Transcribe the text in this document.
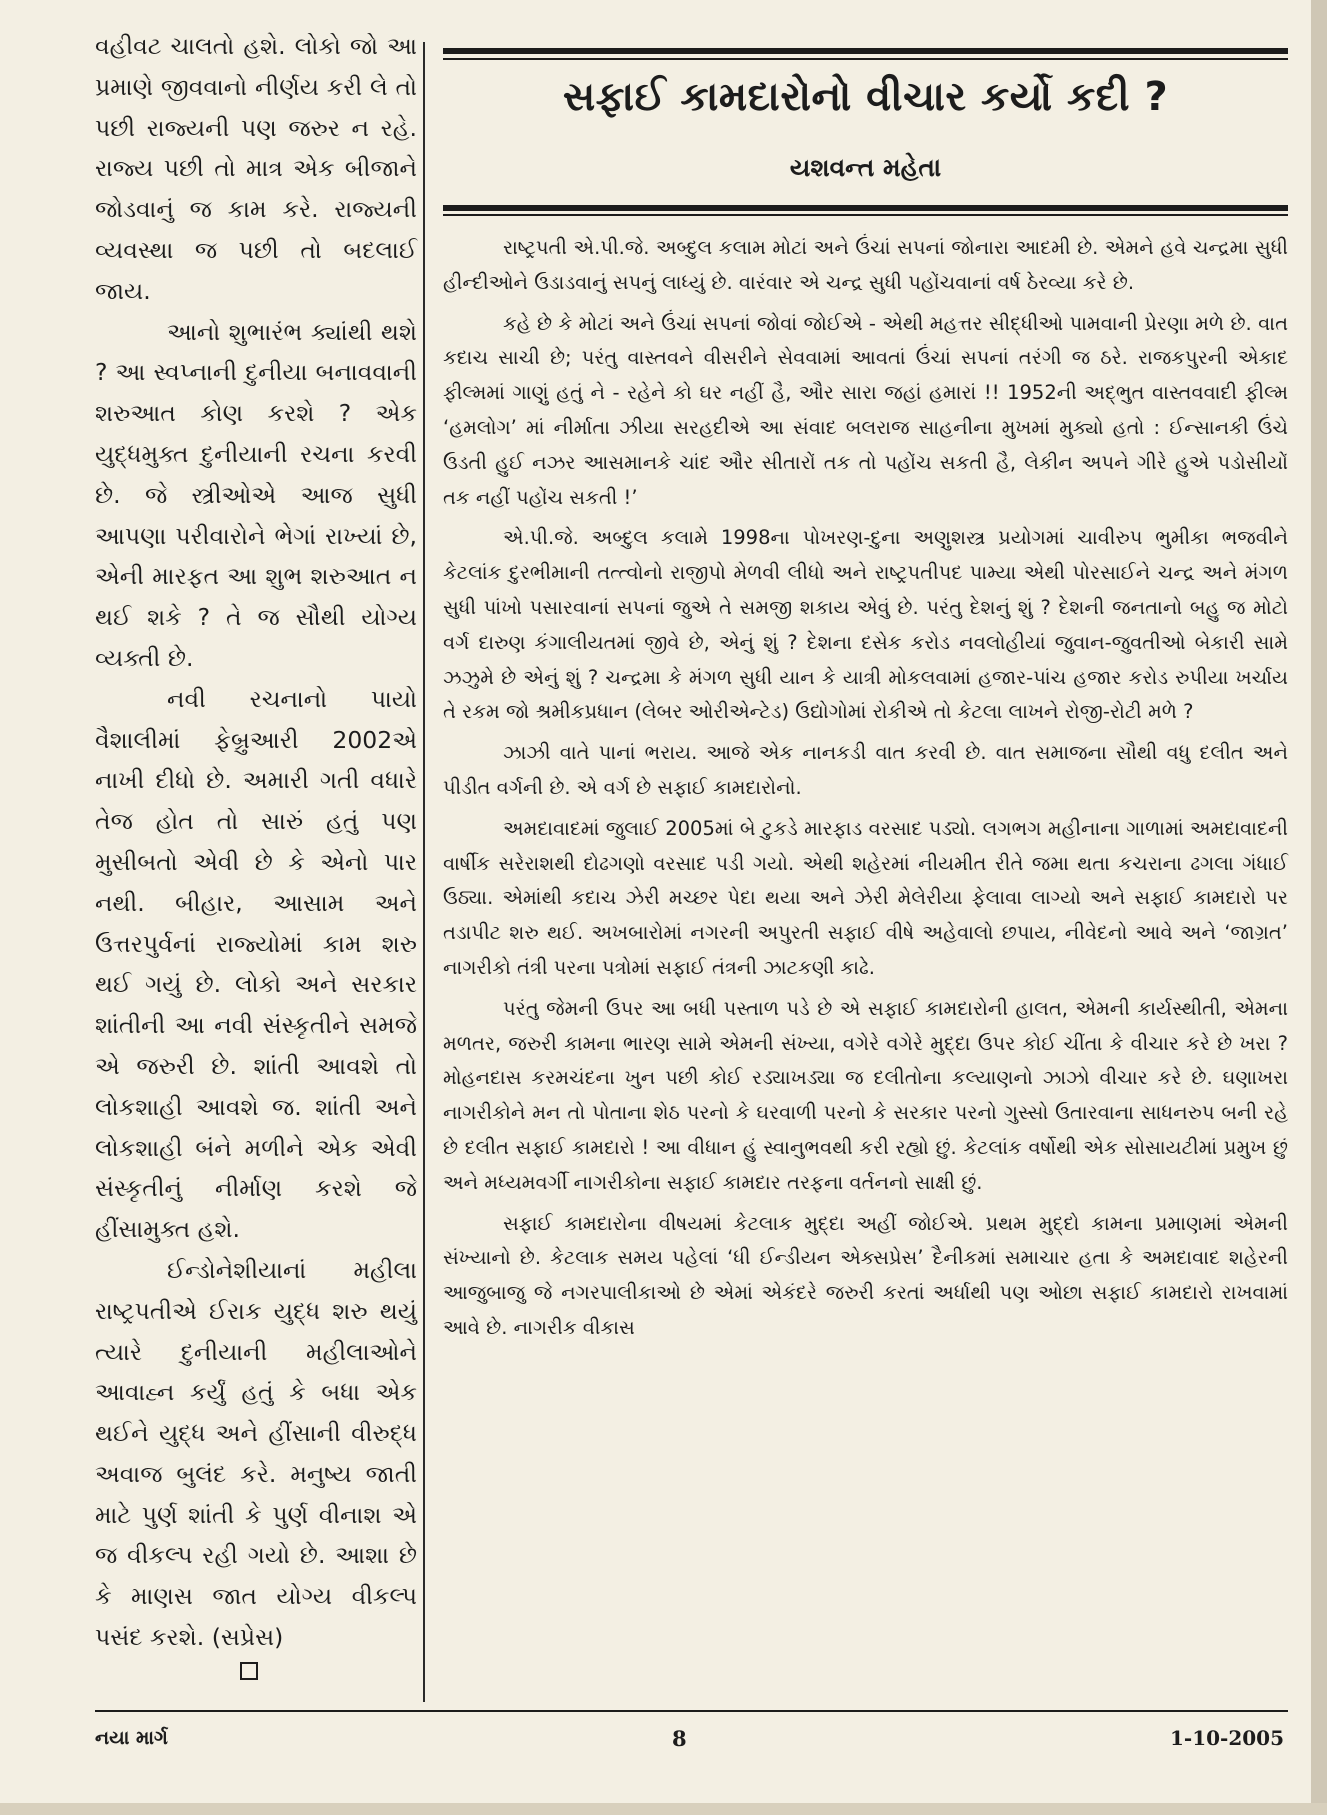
વહીવટ ચાલતો હશે. લોકો જો આ પ્રમાણે જીવવાનો નીર્ણય કરી લે તો પછી રાજ્યની પણ જરુર ન રહે. રાજ્ય પછી તો માત્ર એક બીજાને જોડવાનું જ કામ કરે. રાજ્યની વ્યવસ્થા જ પછી તો બદલાઈ જાય.

આનો શુભારંભ ક્યાંથી થશે ? આ સ્વપ્નાની દુનીયા બનાવવાની શરુઆત કોણ કરશે ? એક યુદ્ધમુક્ત દુનીયાની રચના કરવી છે. જે સ્ત્રીઓએ આજ સુધી આપણા પરીવારોને ભેગાં રાખ્યાં છે, એની મારફત આ શુભ શરુઆત ન થઈ શકે ? તે જ સૌથી યોગ્ય વ્યક્તી છે.

નવી રચનાનો પાયો વૈશાલીમાં ફેબ્રુઆરી 2002એ નાખી દીધો છે. અમારી ગતી વધારે તેજ હોત તો સારું હતું પણ મુસીબતો એવી છે કે એનો પાર નથી. બીહાર, આસામ અને ઉત્તરપુર્વનાં રાજ્યોમાં કામ શરુ થઈ ગયું છે. લોકો અને સરકાર શાંતીની આ નવી સંસ્કૃતીને સમજે એ જરુરી છે. શાંતી આવશે તો લોકશાહી આવશે જ. શાંતી અને લોકશાહી બંને મળીને એક એવી સંસ્કૃતીનું નીર્માણ કરશે જે હીંસામુક્ત હશે.

ઈન્ડોનેશીયાનાં મહીલા રાષ્ટ્રપતીએ ઈરાક યુદ્ધ શરુ થયું ત્યારે દુનીયાની મહીલાઓને આવાહ્ન કર્યું હતું કે બધા એક થઈને યુદ્ધ અને હીંસાની વીરુદ્ધ અવાજ બુલંદ કરે. મનુષ્ય જાતી માટે પુર્ણ શાંતી કે પુર્ણ વીનાશ એ જ વીકલ્પ રહી ગયો છે. આશા છે કે માણસ જાત યોગ્ય વીકલ્પ પસંદ કરશે. (સપ્રેસ)

સફાઈ કામદારોનો વીચાર કર્યો કદી ?
યશવન્ત મહેતા

રાષ્ટ્રપતી એ.પી.જે. અબ્દુલ કલામ મોટાં અને ઉંચાં સપનાં જોનારા આદમી છે. એમને હવે ચન્દ્રમા સુધી હીન્દીઓને ઉડાડવાનું સપનું લાધ્યું છે. વારંવાર એ ચન્દ્ર સુધી પહોંચવાનાં વર્ષ ઠેરવ્યા કરે છે.

કહે છે કે મોટાં અને ઉંચાં સપનાં જોવાં જોઈએ - એથી મહત્તર સીદ્ધીઓ પામવાની પ્રેરણા મળે છે. વાત કદાચ સાચી છે; પરંતુ વાસ્તવને વીસરીને સેવવામાં આવતાં ઉંચાં સપનાં તરંગી જ ઠરે. રાજકપુરની એકાદ ફીલ્મમાં ગાણું હતું ને - રહેને કો ઘર નહીં હૈ, ઔર સારા જહાં હમારાં !! 1952ની અદ્ભુત વાસ્તવવાદી ફીલ્મ ‘હમલોગ’ માં નીર્માતા ઝીયા સરહદીએ આ સંવાદ બલરાજ સાહનીના મુખમાં મુક્યો હતો : ઈન્સાનકી ઉંચે ઉડતી હુઈ નઝર આસમાનકે ચાંદ ઔર સીતારોં તક તો પહોંચ સકતી હૈ, લેકીન અપને ગીરે હુએ પડોસીયોં તક નહીં પહોંચ સકતી !’

એ.પી.જે. અબ્દુલ કલામે 1998ના પોખરણ-દુના અણુશસ્ત્ર પ્રયોગમાં ચાવીરુપ ભુમીકા ભજવીને કેટલાંક દુરભીમાની તત્ત્વોનો રાજીપો મેળવી લીધો અને રાષ્ટ્રપતીપદ પામ્યા એથી પોરસાઈને ચન્દ્ર અને મંગળ સુધી પાંખો પસારવાનાં સપનાં જુએ તે સમજી શકાય એવું છે. પરંતુ દેશનું શું ? દેશની જનતાનો બહુ જ મોટો વર્ગ દારુણ કંગાલીયતમાં જીવે છે, એનું શું ? દેશના દસેક કરોડ નવલોહીયાં જુવાન-જુવતીઓ બેકારી સામે ઝઝુમે છે એનું શું ? ચન્દ્રમા કે મંગળ સુધી યાન કે યાત્રી મોકલવામાં હજાર-પાંચ હજાર કરોડ રુપીયા ખર્ચાય તે રકમ જો શ્રમીકપ્રધાન (લેબર ઓરીએન્ટેડ) ઉદ્યોગોમાં રોકીએ તો કેટલા લાખને રોજી-રોટી મળે ?

ઝાઝી વાતે પાનાં ભરાય. આજે એક નાનકડી વાત કરવી છે. વાત સમાજના સૌથી વધુ દલીત અને પીડીત વર્ગની છે. એ વર્ગ છે સફાઈ કામદારોનો.

અમદાવાદમાં જુલાઈ 2005માં બે ટુકડે મારફાડ વરસાદ પડ્યો. લગભગ મહીનાના ગાળામાં અમદાવાદની વાર્ષીક સરેરાશથી દોઢગણો વરસાદ પડી ગયો. એથી શહેરમાં નીયમીત રીતે જમા થતા કચરાના ઢગલા ગંધાઈ ઉઠ્યા. એમાંથી કદાચ ઝેરી મચ્છર પેદા થયા અને ઝેરી મેલેરીયા ફેલાવા લાગ્યો અને સફાઈ કામદારો પર તડાપીટ શરુ થઈ. અખબારોમાં નગરની અપુરતી સફાઈ વીષે અહેવાલો છપાય, નીવેદનો આવે અને ‘જાગ્રત’ નાગરીકો તંત્રી પરના પત્રોમાં સફાઈ તંત્રની ઝાટકણી કાઢે.

પરંતુ જેમની ઉપર આ બધી પસ્તાળ પડે છે એ સફાઈ કામદારોની હાલત, એમની કાર્યસ્થીતી, એમના મળતર, જરુરી કામના ભારણ સામે એમની સંખ્યા, વગેરે વગેરે મુદ્દા ઉપર કોઈ ચીંતા કે વીચાર કરે છે ખરા ? મોહનદાસ કરમચંદના ખુન પછી કોઈ રડ્યાખડ્યા જ દલીતોના કલ્યાણનો ઝાઝો વીચાર કરે છે. ઘણાખરા નાગરીકોને મન તો પોતાના શેઠ પરનો કે ઘરવાળી પરનો કે સરકાર પરનો ગુસ્સો ઉતારવાના સાધનરુપ બની રહે છે દલીત સફાઈ કામદારો ! આ વીધાન હું સ્વાનુભવથી કરી રહ્યો છું. કેટલાંક વર્ષોથી એક સોસાયટીમાં પ્રમુખ છું અને મધ્યમવર્ગી નાગરીકોના સફાઈ કામદાર તરફના વર્તનનો સાક્ષી છું.

સફાઈ કામદારોના વીષયમાં કેટલાક મુદ્દા અહીં જોઈએ. પ્રથમ મુદ્દો કામના પ્રમાણમાં એમની સંખ્યાનો છે. કેટલાક સમય પહેલાં ‘ધી ઈન્ડીયન એક્સપ્રેસ’ દૈનીકમાં સમાચાર હતા કે અમદાવાદ શહેરની આજુબાજુ જે નગરપાલીકાઓ છે એમાં એકંદરે જરુરી કરતાં અર્ધાથી પણ ઓછા સફાઈ કામદારો રાખવામાં આવે છે. નાગરીક વીકાસ

નયા માર્ગ	8	1-10-2005
